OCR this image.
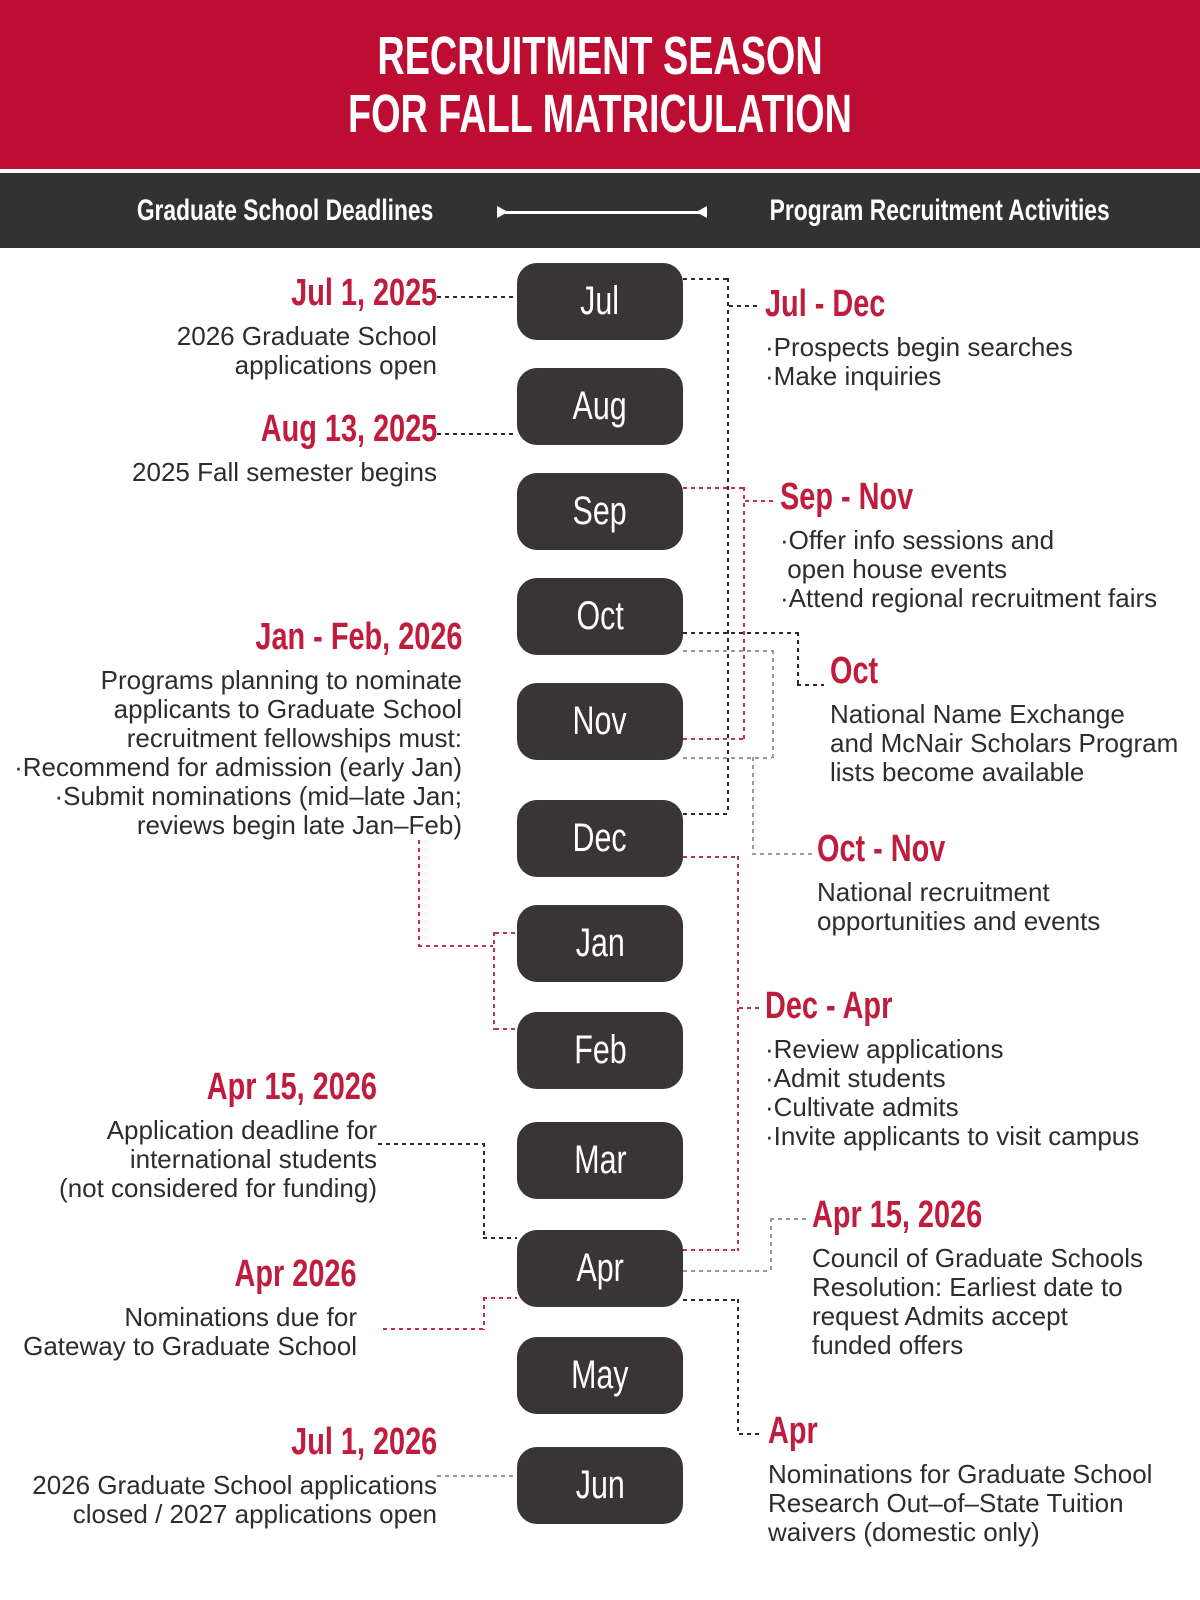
RECRUITMENT SEASON
FOR FALL MATRICULATION
Graduate School Deadlines	Program Recruitment Activities
Jul
Aug
Sep
Oct
Nov
Dec
Jan
Feb
Mar
Apr
May
Jun
Jul 1, 2025
2026 Graduate School
applications open
Aug 13, 2025
2025 Fall semester begins
Jan - Feb, 2026
Programs planning to nominate
applicants to Graduate School
recruitment fellowships must:
·Recommend for admission (early Jan)
·Submit nominations (mid–late Jan;
reviews begin late Jan–Feb)
Apr 15, 2026
Application deadline for
international students
(not considered for funding)
Apr 2026
Nominations due for
Gateway to Graduate School
Jul 1, 2026
2026 Graduate School applications
closed / 2027 applications open
Jul - Dec
·Prospects begin searches
·Make inquiries
Sep - Nov
·Offer info sessions and
open house events
·Attend regional recruitment fairs
Oct
National Name Exchange
and McNair Scholars Program
lists become available
Oct - Nov
National recruitment
opportunities and events
Dec - Apr
·Review applications
·Admit students
·Cultivate admits
·Invite applicants to visit campus
Apr 15, 2026
Council of Graduate Schools
Resolution: Earliest date to
request Admits accept
funded offers
Apr
Nominations for Graduate School
Research Out–of–State Tuition
waivers (domestic only)
